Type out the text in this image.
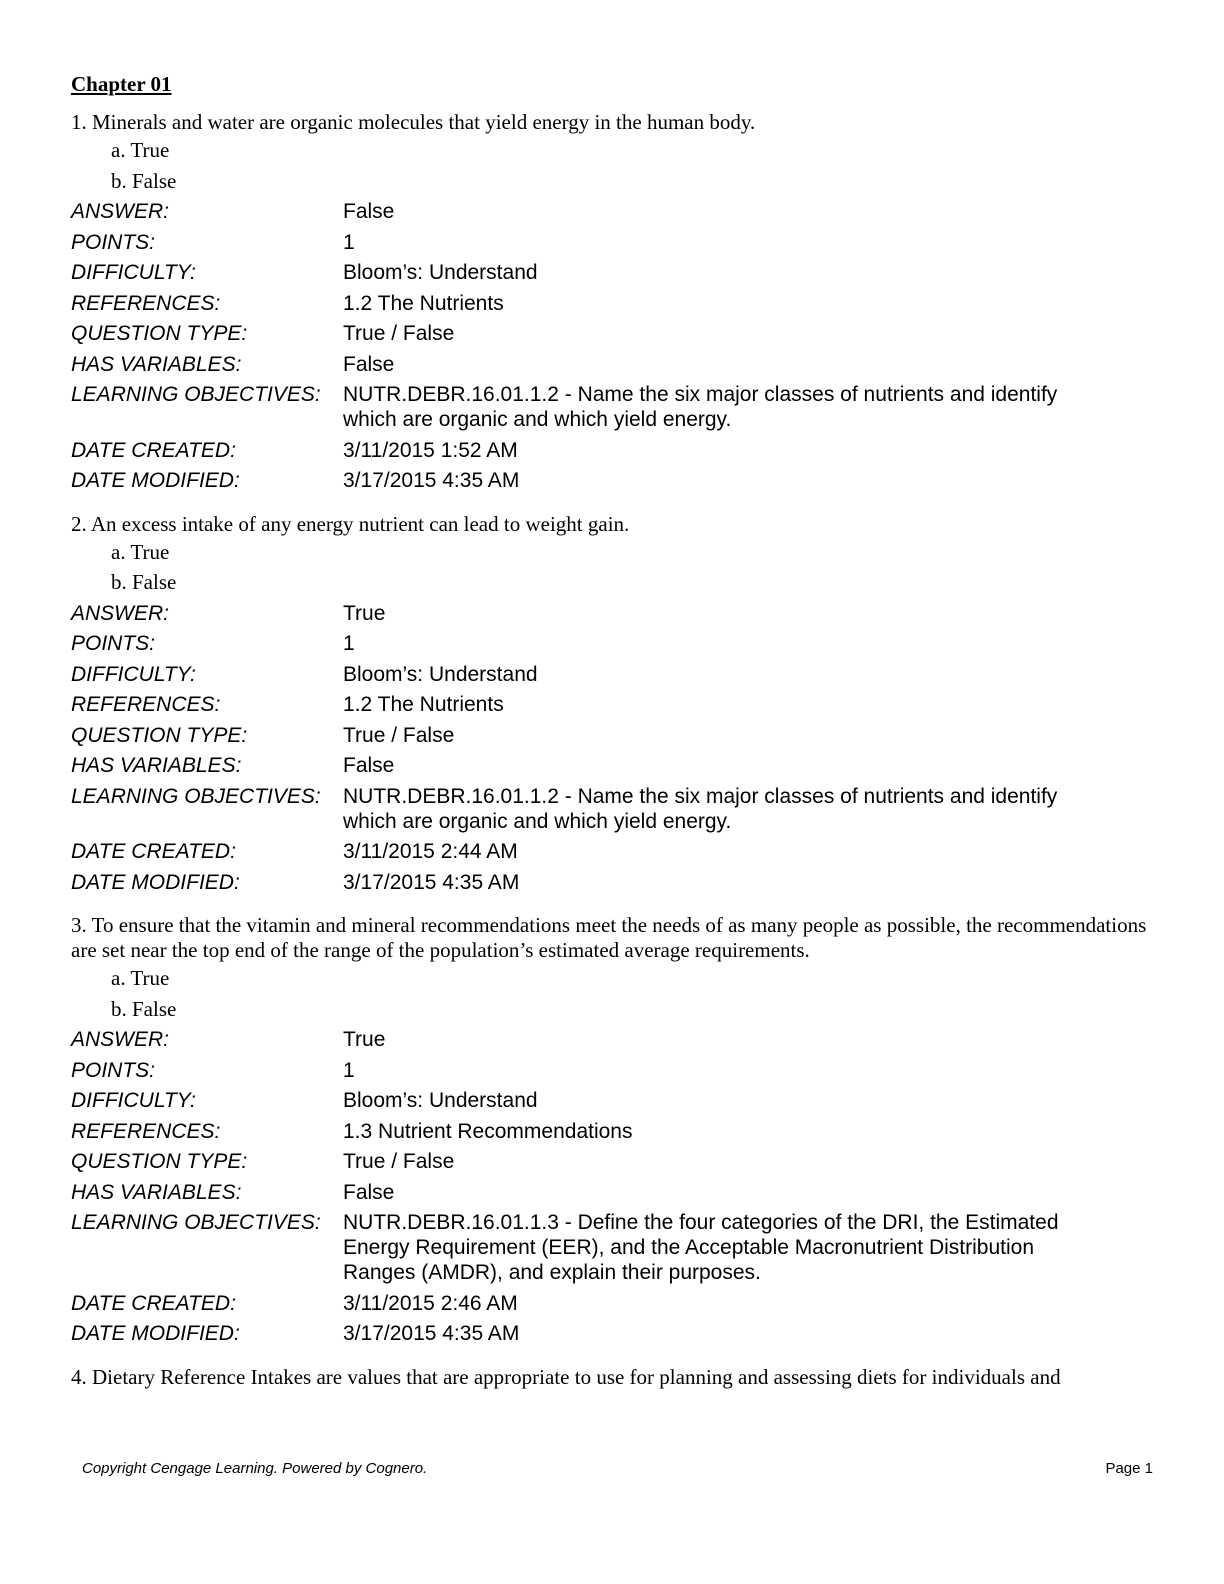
Chapter 01
1. Minerals and water are organic molecules that yield energy in the human body.
a. True
b. False
ANSWER:	False
POINTS:	1
DIFFICULTY:	Bloom’s: Understand
REFERENCES:	1.2 The Nutrients
QUESTION TYPE:	True / False
HAS VARIABLES:	False
LEARNING OBJECTIVES:	NUTR.DEBR.16.01.1.2 - Name the six major classes of nutrients and identify which are organic and which yield energy.
DATE CREATED:	3/11/2015 1:52 AM
DATE MODIFIED:	3/17/2015 4:35 AM
2. An excess intake of any energy nutrient can lead to weight gain.
a. True
b. False
ANSWER:	True
POINTS:	1
DIFFICULTY:	Bloom’s: Understand
REFERENCES:	1.2 The Nutrients
QUESTION TYPE:	True / False
HAS VARIABLES:	False
LEARNING OBJECTIVES:	NUTR.DEBR.16.01.1.2 - Name the six major classes of nutrients and identify which are organic and which yield energy.
DATE CREATED:	3/11/2015 2:44 AM
DATE MODIFIED:	3/17/2015 4:35 AM
3. To ensure that the vitamin and mineral recommendations meet the needs of as many people as possible, the recommendations are set near the top end of the range of the population’s estimated average requirements.
a. True
b. False
ANSWER:	True
POINTS:	1
DIFFICULTY:	Bloom’s: Understand
REFERENCES:	1.3 Nutrient Recommendations
QUESTION TYPE:	True / False
HAS VARIABLES:	False
LEARNING OBJECTIVES:	NUTR.DEBR.16.01.1.3 - Define the four categories of the DRI, the Estimated Energy Requirement (EER), and the Acceptable Macronutrient Distribution Ranges (AMDR), and explain their purposes.
DATE CREATED:	3/11/2015 2:46 AM
DATE MODIFIED:	3/17/2015 4:35 AM
4. Dietary Reference Intakes are values that are appropriate to use for planning and assessing diets for individuals and
Copyright Cengage Learning. Powered by Cognero.	Page 1
